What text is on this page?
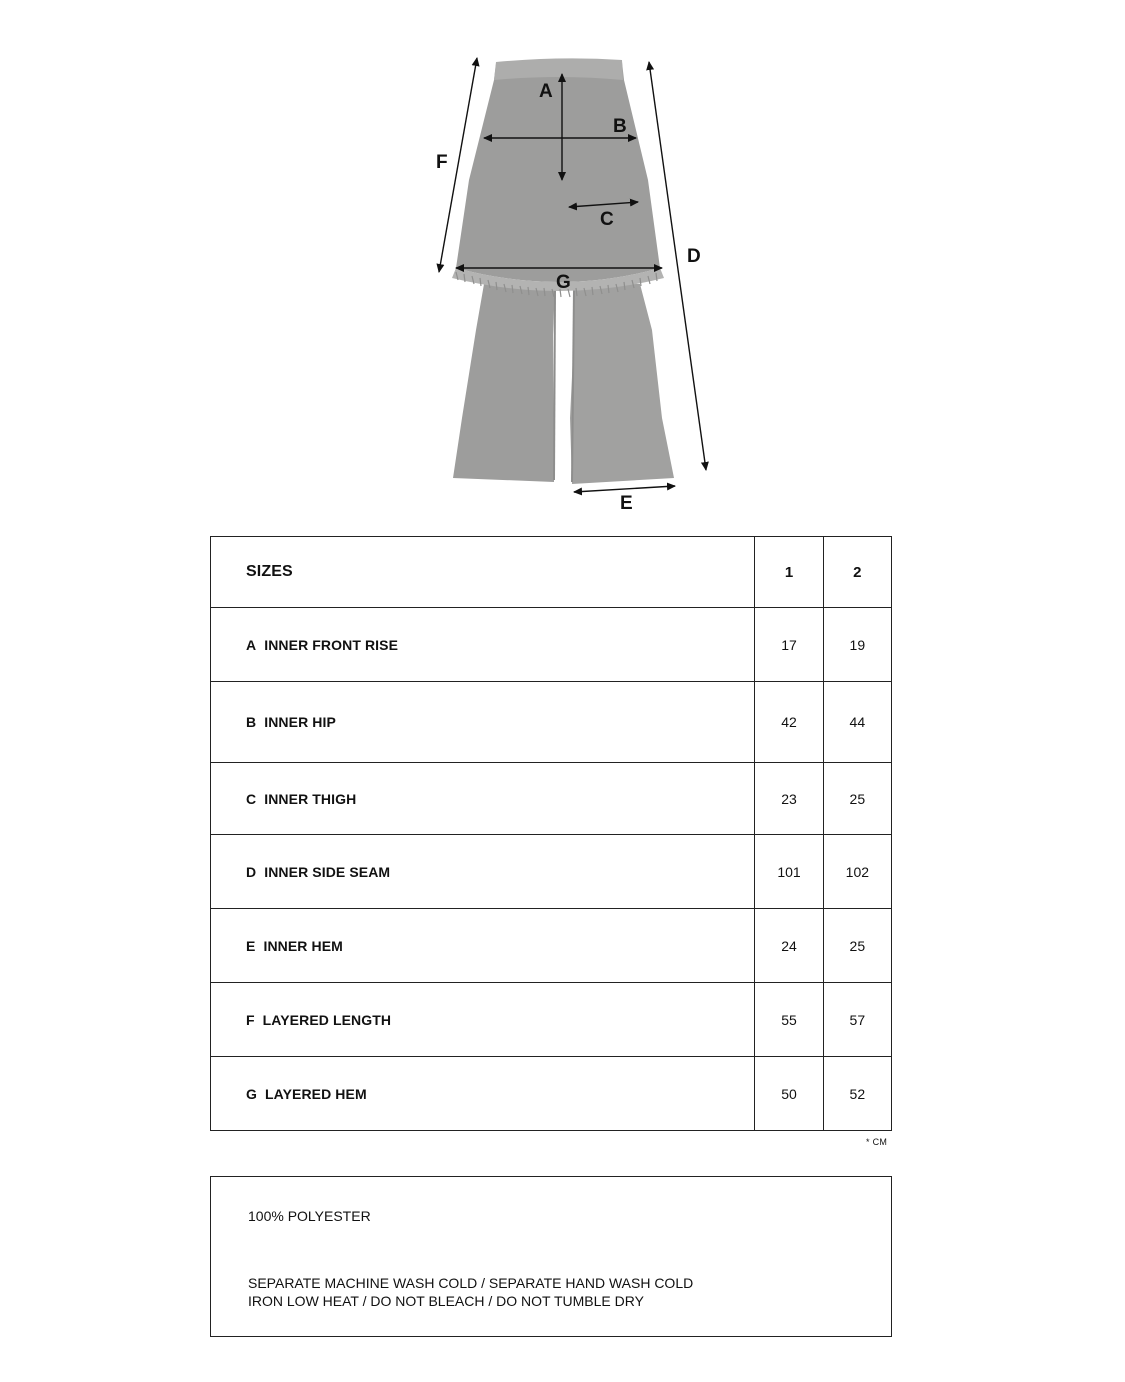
A
B
C
D
E
F
G
SIZES	1	2
A INNER FRONT RISE	17	19
B INNER HIP	42	44
C INNER THIGH	23	25
D INNER SIDE SEAM	101	102
E INNER HEM	24	25
F LAYERED LENGTH	55	57
G LAYERED HEM	50	52
* CM
100% POLYESTER
SEPARATE MACHINE WASH COLD / SEPARATE HAND WASH COLD
IRON LOW HEAT / DO NOT BLEACH / DO NOT TUMBLE DRY
